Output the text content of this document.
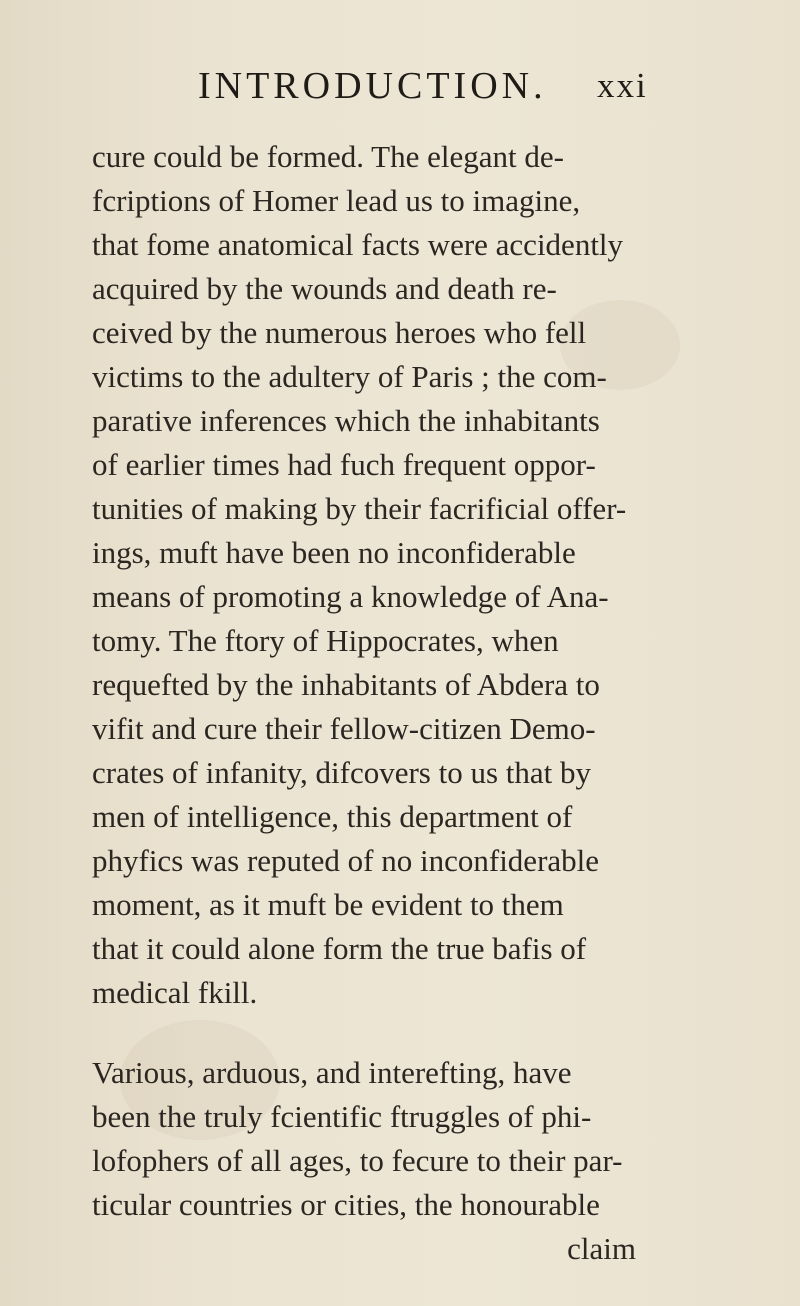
INTRODUCTION. xxi
cure could be formed. The elegant de-
fcriptions of Homer lead us to imagine,
that fome anatomical facts were accidently
acquired by the wounds and death re-
ceived by the numerous heroes who fell
victims to the adultery of Paris ; the com-
parative inferences which the inhabitants
of earlier times had fuch frequent oppor-
tunities of making by their facrificial offer-
ings, muft have been no inconfiderable
means of promoting a knowledge of Ana-
tomy. The ftory of Hippocrates, when
requefted by the inhabitants of Abdera to
vifit and cure their fellow-citizen Demo-
crates of infanity, difcovers to us that by
men of intelligence, this department of
phyfics was reputed of no inconfiderable
moment, as it muft be evident to them
that it could alone form the true bafis of
medical fkill.
Various, arduous, and interefting, have
been the truly fcientific ftruggles of phi-
lofophers of all ages, to fecure to their par-
ticular countries or cities, the honourable
claim
